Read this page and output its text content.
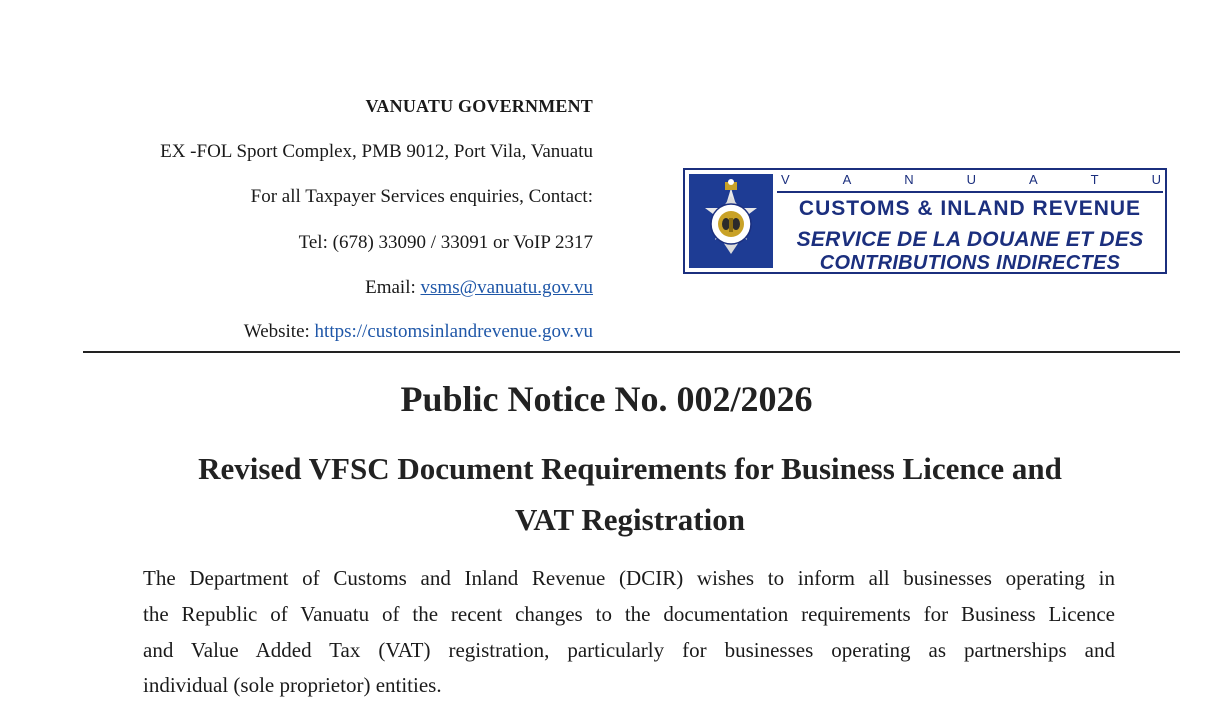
VANUATU GOVERNMENT
EX -FOL Sport Complex, PMB 9012, Port Vila, Vanuatu
For all Taxpayer Services enquiries, Contact:
Tel: (678) 33090 / 33091 or VoIP 2317
Email: vsms@vanuatu.gov.vu
Website: https://customsinlandrevenue.gov.vu
V	A	N	U	A	T	U
CUSTOMS & INLAND REVENUE
SERVICE DE LA DOUANE ET DES
CONTRIBUTIONS INDIRECTES
Public Notice No. 002/2026
Revised VFSC Document Requirements for Business Licence and
VAT Registration
The Department of Customs and Inland Revenue (DCIR) wishes to inform all businesses operating in
the Republic of Vanuatu of the recent changes to the documentation requirements for Business Licence
and Value Added Tax (VAT) registration, particularly for businesses operating as partnerships and
individual (sole proprietor) entities.
